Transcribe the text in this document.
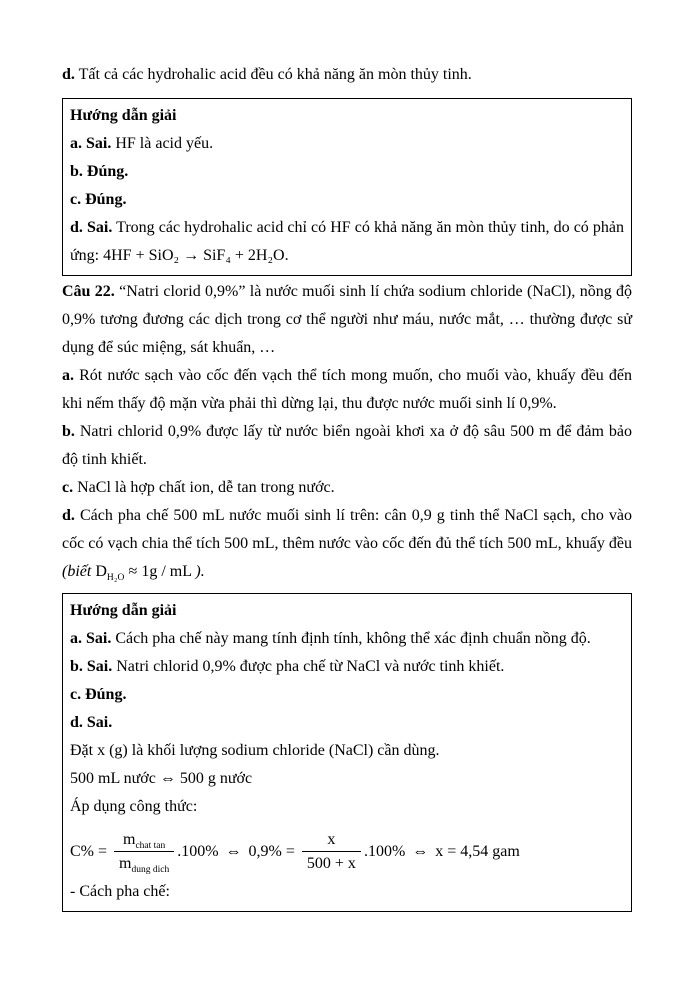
d. Tất cả các hydrohalic acid đều có khả năng ăn mòn thủy tinh.

Hướng dẫn giải

a. Sai. HF là acid yếu.

b. Đúng.

c. Đúng.

d. Sai. Trong các hydrohalic acid chỉ có HF có khả năng ăn mòn thủy tinh, do có phản ứng: 4HF + SiO₂ → SiF₄ + 2H₂O.

Câu 22. “Natri clorid 0,9%” là nước muối sinh lí chứa sodium chloride (NaCl), nồng độ 0,9% tương đương các dịch trong cơ thể người như máu, nước mắt, … thường được sử dụng để súc miệng, sát khuẩn, …

a. Rót nước sạch vào cốc đến vạch thể tích mong muốn, cho muối vào, khuấy đều đến khi nếm thấy độ mặn vừa phải thì dừng lại, thu được nước muối sinh lí 0,9%.

b. Natri chlorid 0,9% được lấy từ nước biển ngoài khơi xa ở độ sâu 500 m để đảm bảo độ tinh khiết.

c. NaCl là hợp chất ion, dễ tan trong nước.

d. Cách pha chế 500 mL nước muối sinh lí trên: cân 0,9 g tinh thể NaCl sạch, cho vào cốc có vạch chia thể tích 500 mL, thêm nước vào cốc đến đủ thể tích 500 mL, khuấy đều (biết $D_{H_2O} \approx 1g$ / mL ).

Hướng dẫn giải

a. Sai. Cách pha chế này mang tính định tính, không thể xác định chuẩn nồng độ.

b. Sai. Natri chlorid 0,9% được pha chế từ NaCl và nước tinh khiết.

c. Đúng.

d. Sai.

Đặt x (g) là khối lượng sodium chloride (NaCl) cần dùng.

500 mL nước ⇔ 500 g nước

Áp dụng công thức:

$C\% = \frac{m_{chat tan}}{m_{dung dich}} .100\%$ ⇔ $0,9\% = \frac{x}{500 + x} .100\%$ ⇔ x = 4,54 gam

- Cách pha chế:
